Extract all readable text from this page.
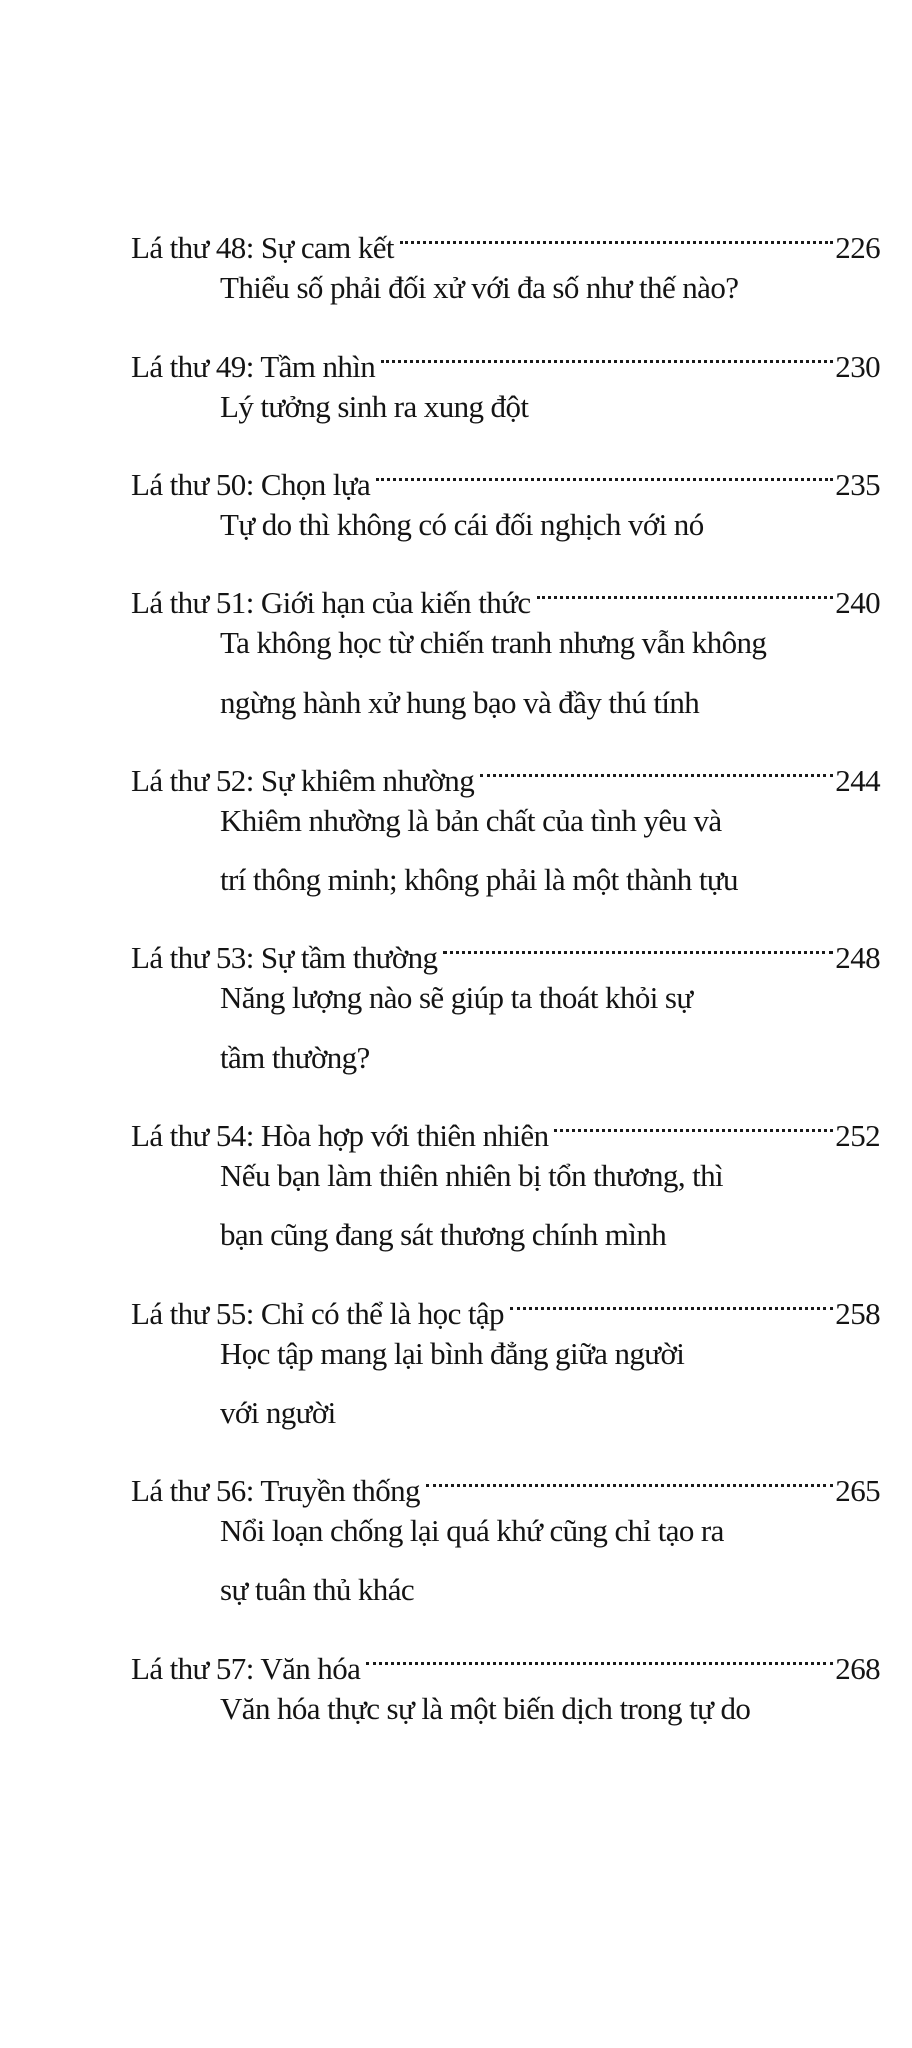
Lá thư 48: Sự cam kết	226
Thiểu số phải đối xử với đa số như thế nào?
Lá thư 49: Tầm nhìn	230
Lý tưởng sinh ra xung đột
Lá thư 50: Chọn lựa	235
Tự do thì không có cái đối nghịch với nó
Lá thư 51: Giới hạn của kiến thức	240
Ta không học từ chiến tranh nhưng vẫn không
ngừng hành xử hung bạo và đầy thú tính
Lá thư 52: Sự khiêm nhường	244
Khiêm nhường là bản chất của tình yêu và
trí thông minh; không phải là một thành tựu
Lá thư 53: Sự tầm thường	248
Năng lượng nào sẽ giúp ta thoát khỏi sự
tầm thường?
Lá thư 54: Hòa hợp với thiên nhiên	252
Nếu bạn làm thiên nhiên bị tổn thương, thì
bạn cũng đang sát thương chính mình
Lá thư 55: Chỉ có thể là học tập	258
Học tập mang lại bình đẳng giữa người
với người
Lá thư 56: Truyền thống	265
Nổi loạn chống lại quá khứ cũng chỉ tạo ra
sự tuân thủ khác
Lá thư 57: Văn hóa	268
Văn hóa thực sự là một biến dịch trong tự do
